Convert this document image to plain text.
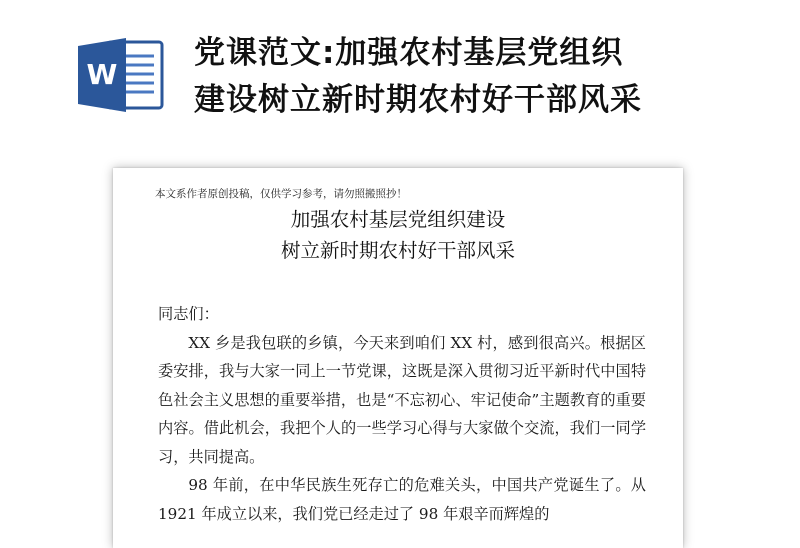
W
党课范文:加强农村基层党组织
建设树立新时期农村好干部风采
本文系作者原创投稿，仅供学习参考，请勿照搬照抄！
加强农村基层党组织建设
树立新时期农村好干部风采

同志们：

XX 乡是我包联的乡镇，今天来到咱们 XX 村，感到很高兴。根据区委安排，我与大家一同上一节党课，这既是深入贯彻习近平新时代中国特色社会主义思想的重要举措，也是“不忘初心、牢记使命”主题教育的重要内容。借此机会，我把个人的一些学习心得与大家做个交流，我们一同学习，共同提高。

98 年前，在中华民族生死存亡的危难关头，中国共产党诞生了。从 1921 年成立以来，我们党已经走过了 98 年艰辛而辉煌的
